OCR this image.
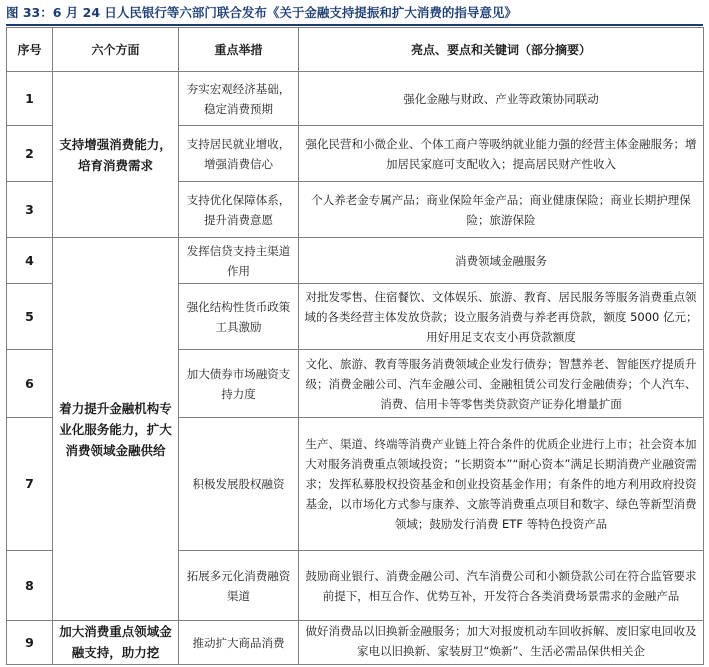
图 33：6 月 24 日人民银行等六部门联合发布《关于金融支持提振和扩大消费的指导意见》
序号	六个方面	重点举措	亮点、要点和关键词（部分摘要）
1	支持增强消费能力，培育消费需求	夯实宏观经济基础，稳定消费预期	强化金融与财政、产业等政策协同联动
2		支持居民就业增收，增强消费信心	强化民营和小微企业、个体工商户等吸纳就业能力强的经营主体金融服务；增加居民家庭可支配收入；提高居民财产性收入
3		支持优化保障体系，提升消费意愿	个人养老金专属产品；商业保险年金产品；商业健康保险；商业长期护理保险；旅游保险
4	着力提升金融机构专业化服务能力，扩大消费领域金融供给	发挥信贷支持主渠道作用	消费领域金融服务
5		强化结构性货币政策工具激励	对批发零售、住宿餐饮、文体娱乐、旅游、教育、居民服务等服务消费重点领域的各类经营主体发放贷款；设立服务消费与养老再贷款，额度 5000 亿元；用好用足支农支小再贷款额度
6		加大债券市场融资支持力度	文化、旅游、教育等服务消费领域企业发行债券；智慧养老、智能医疗提质升级；消费金融公司、汽车金融公司、金融租赁公司发行金融债券；个人汽车、消费、信用卡等零售类贷款资产证券化增量扩面
7		积极发展股权融资	生产、渠道、终端等消费产业链上符合条件的优质企业进行上市；社会资本加大对服务消费重点领域投资；“长期资本”“耐心资本”满足长期消费产业融资需求；发挥私募股权投资基金和创业投资基金作用；有条件的地方利用政府投资基金，以市场化方式参与康养、文旅等消费重点项目和数字、绿色等新型消费领域；鼓励发行消费 ETF 等特色投资产品
8		拓展多元化消费融资渠道	鼓励商业银行、消费金融公司、汽车消费公司和小额贷款公司在符合监管要求前提下，相互合作、优势互补，开发符合各类消费场景需求的金融产品
9	加大消费重点领域金融支持，助力挖	推动扩大商品消费	做好消费品以旧换新金融服务；加大对报废机动车回收拆解、废旧家电回收及家电以旧换新、家装厨卫“焕新”、生活必需品保供相关企
